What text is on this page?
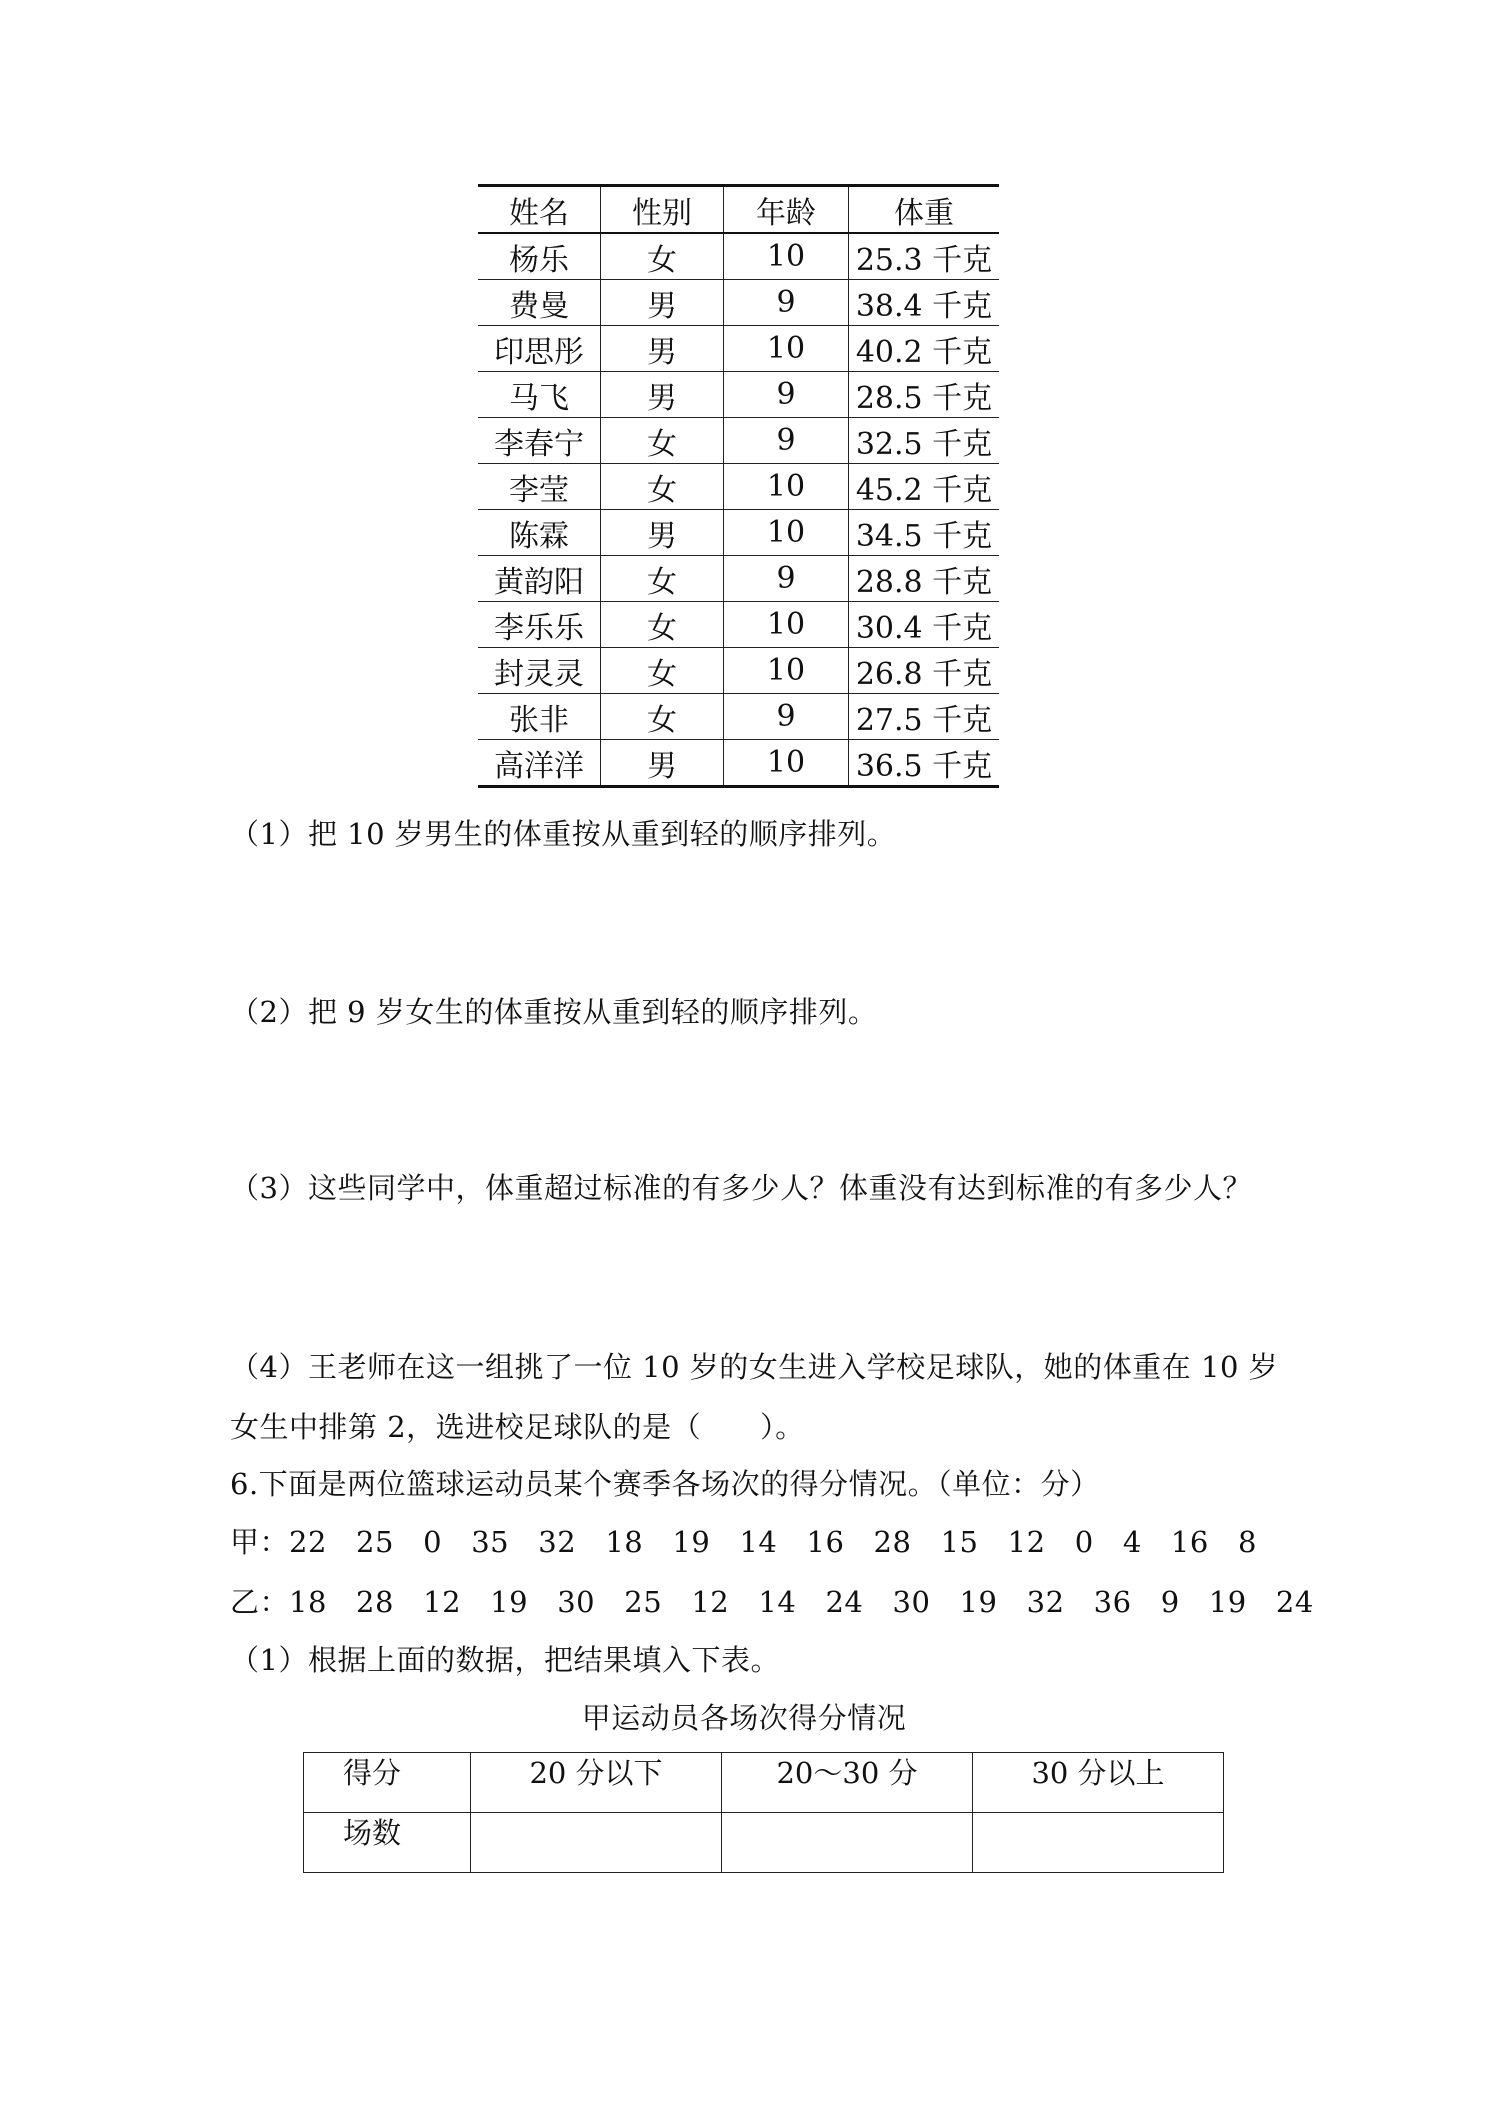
姓名	性别	年龄	体重
杨乐	女	10	25.3 千克
费曼	男	9	38.4 千克
印思彤	男	10	40.2 千克
马飞	男	9	28.5 千克
李春宁	女	9	32.5 千克
李莹	女	10	45.2 千克
陈霖	男	10	34.5 千克
黄韵阳	女	9	28.8 千克
李乐乐	女	10	30.4 千克
封灵灵	女	10	26.8 千克
张非	女	9	27.5 千克
高洋洋	男	10	36.5 千克
（1）把 10 岁男生的体重按从重到轻的顺序排列。
（2）把 9 岁女生的体重按从重到轻的顺序排列。
（3）这些同学中，体重超过标准的有多少人？体重没有达到标准的有多少人？
（4）王老师在这一组挑了一位 10 岁的女生进入学校足球队，她的体重在 10 岁
女生中排第 2，选进校足球队的是（　　）。
6.下面是两位篮球运动员某个赛季各场次的得分情况。（单位：分）
甲：22   25   0   35   32   18   19   14   16   28   15   12   0   4   16   8
乙：18   28   12   19   30   25   12   14   24   30   19   32   36   9   19   24
（1）根据上面的数据，把结果填入下表。
甲运动员各场次得分情况
得分	20 分以下	20～30 分	30 分以上
场数			
